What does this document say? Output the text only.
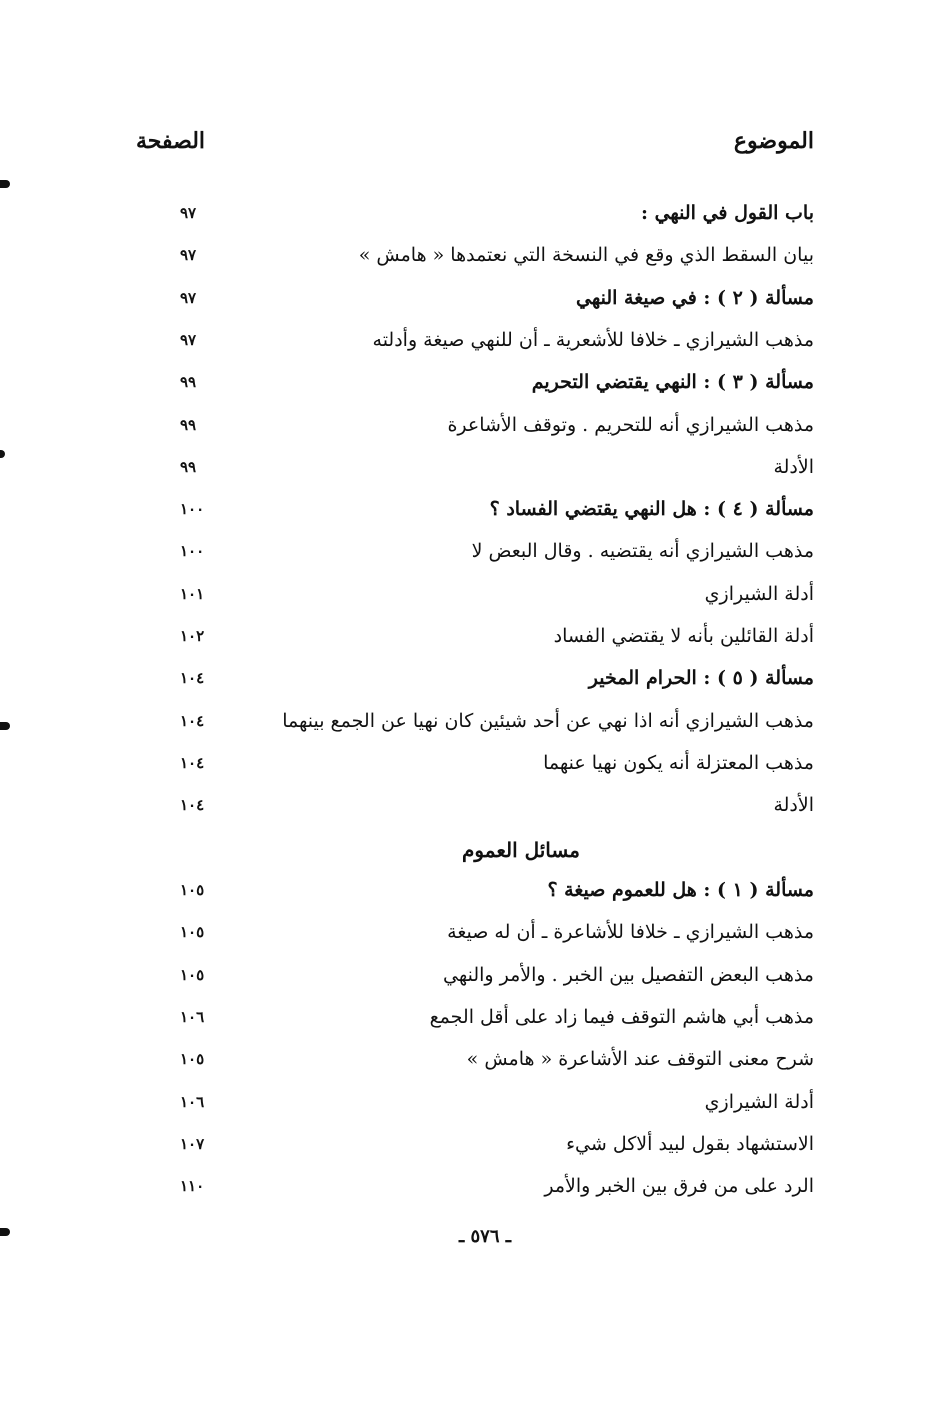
الموضوع
الصفحة
باب القول في النهي :
٩٧
بيان السقط الذي وقع في النسخة التي نعتمدها « هامش »
٩٧
مسألة ( ٢ ) : في صيغة النهي
٩٧
مذهب الشيرازي ـ خلافا للأشعرية ـ أن للنهي صيغة وأدلته
٩٧
مسألة ( ٣ ) : النهي يقتضي التحريم
٩٩
مذهب الشيرازي أنه للتحريم . وتوقف الأشاعرة
٩٩
الأدلة
٩٩
مسألة ( ٤ ) : هل النهي يقتضي الفساد ؟
١٠٠
مذهب الشيرازي أنه يقتضيه . وقال البعض لا
١٠٠
أدلة الشيرازي
١٠١
أدلة القائلين بأنه لا يقتضي الفساد
١٠٢
مسألة ( ٥ ) : الحرام المخير
١٠٤
مذهب الشيرازي أنه اذا نهي عن أحد شيئين كان نهيا عن الجمع بينهما
١٠٤
مذهب المعتزلة أنه يكون نهيا عنهما
١٠٤
الأدلة
١٠٤
مسائل العموم
مسألة ( ١ ) : هل للعموم صيغة ؟
١٠٥
مذهب الشيرازي ـ خلافا للأشاعرة ـ أن له صيغة
١٠٥
مذهب البعض التفصيل بين الخبر . والأمر والنهي
١٠٥
مذهب أبي هاشم التوقف فيما زاد على أقل الجمع
١٠٦
شرح معنى التوقف عند الأشاعرة « هامش »
١٠٥
أدلة الشيرازي
١٠٦
الاستشهاد بقول لبيد ألاكل شيء
١٠٧
الرد على من فرق بين الخبر والأمر
١١٠
ـ ٥٧٦ ـ
